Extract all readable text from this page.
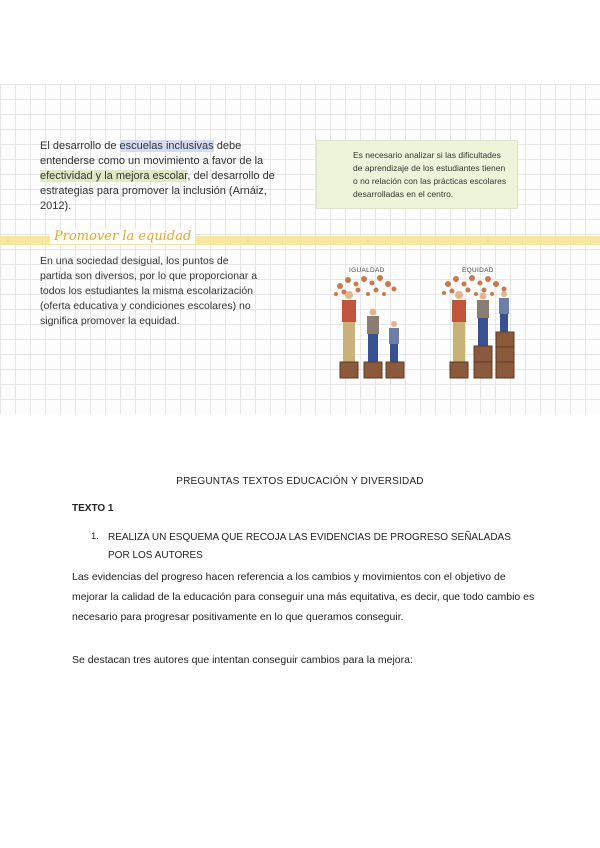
El desarrollo de escuelas inclusivas debe entenderse como un movimiento a favor de la efectividad y la mejora escolar, del desarrollo de estrategias para promover la inclusión (Arnáiz, 2012).
Es necesario analizar si las dificultades de aprendizaje de los estudiantes tienen o no relación con las prácticas escolares desarrolladas en el centro.
Promover la equidad
En una sociedad desigual, los puntos de partida son diversos, por lo que proporcionar a todos los estudiantes la misma escolarización (oferta educativa y condiciones escolares) no significa promover la equidad.
IGUALDAD	EQUIDAD
PREGUNTAS TEXTOS EDUCACIÓN Y DIVERSIDAD
TEXTO 1
1. REALIZA UN ESQUEMA QUE RECOJA LAS EVIDENCIAS DE PROGRESO SEÑALADAS POR LOS AUTORES
Las evidencias del progreso hacen referencia a los cambios y movimientos con el objetivo de mejorar la calidad de la educación para conseguir una más equitativa, es decir, que todo cambio es necesario para progresar positivamente en lo que queramos conseguir.
Se destacan tres autores que intentan conseguir cambios para la mejora:
